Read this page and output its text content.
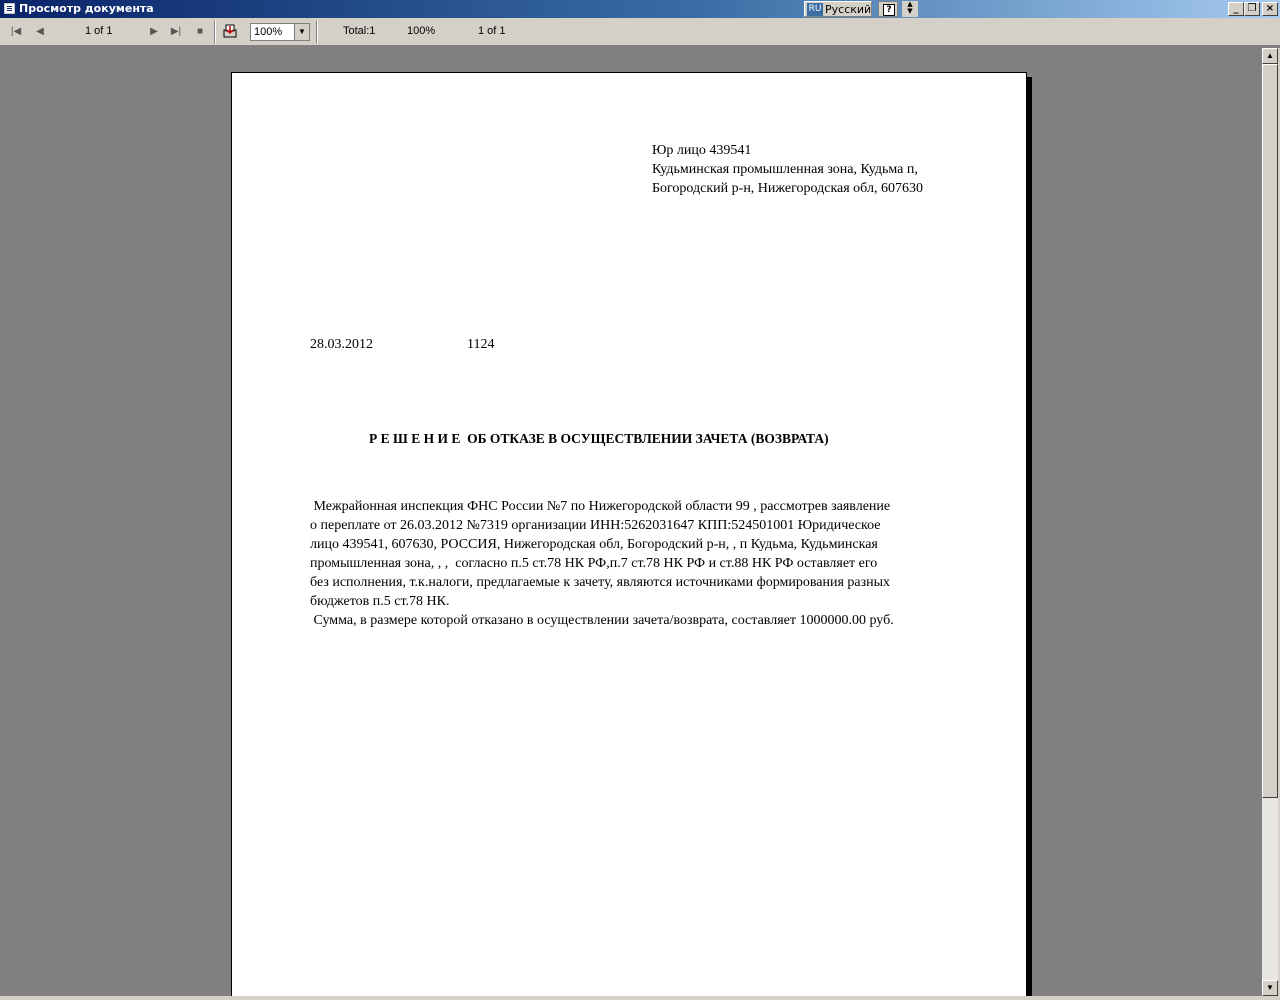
Просмотр документа	RU Русский	?
▲
▼	_ ❐ ×
|◀	◀	1 of 1	▶	▶|	■	100%	▼	Total:1	100%	1 of 1
Юр лицо 439541
Кудьминская промышленная зона, Кудьма п,
Богородский р-н, Нижегородская обл, 607630
28.03.2012	1124
Р Е Ш Е Н И Е  ОБ ОТКАЗЕ В ОСУЩЕСТВЛЕНИИ ЗАЧЕТА (ВОЗВРАТА)
Межрайонная инспекция ФНС России №7 по Нижегородской области 99 , рассмотрев заявление
о переплате от 26.03.2012 №7319 организации ИНН:5262031647 КПП:524501001 Юридическое
лицо 439541, 607630, РОССИЯ, Нижегородская обл, Богородский р-н, , п Кудьма, Кудьминская
промышленная зона, , ,  согласно п.5 ст.78 НК РФ,п.7 ст.78 НК РФ и ст.88 НК РФ оставляет его
без исполнения, т.к.налоги, предлагаемые к зачету, являются источниками формирования разных
бюджетов п.5 ст.78 НК.
Сумма, в размере которой отказано в осуществлении зачета/возврата, составляет 1000000.00 руб.
▲
▼
